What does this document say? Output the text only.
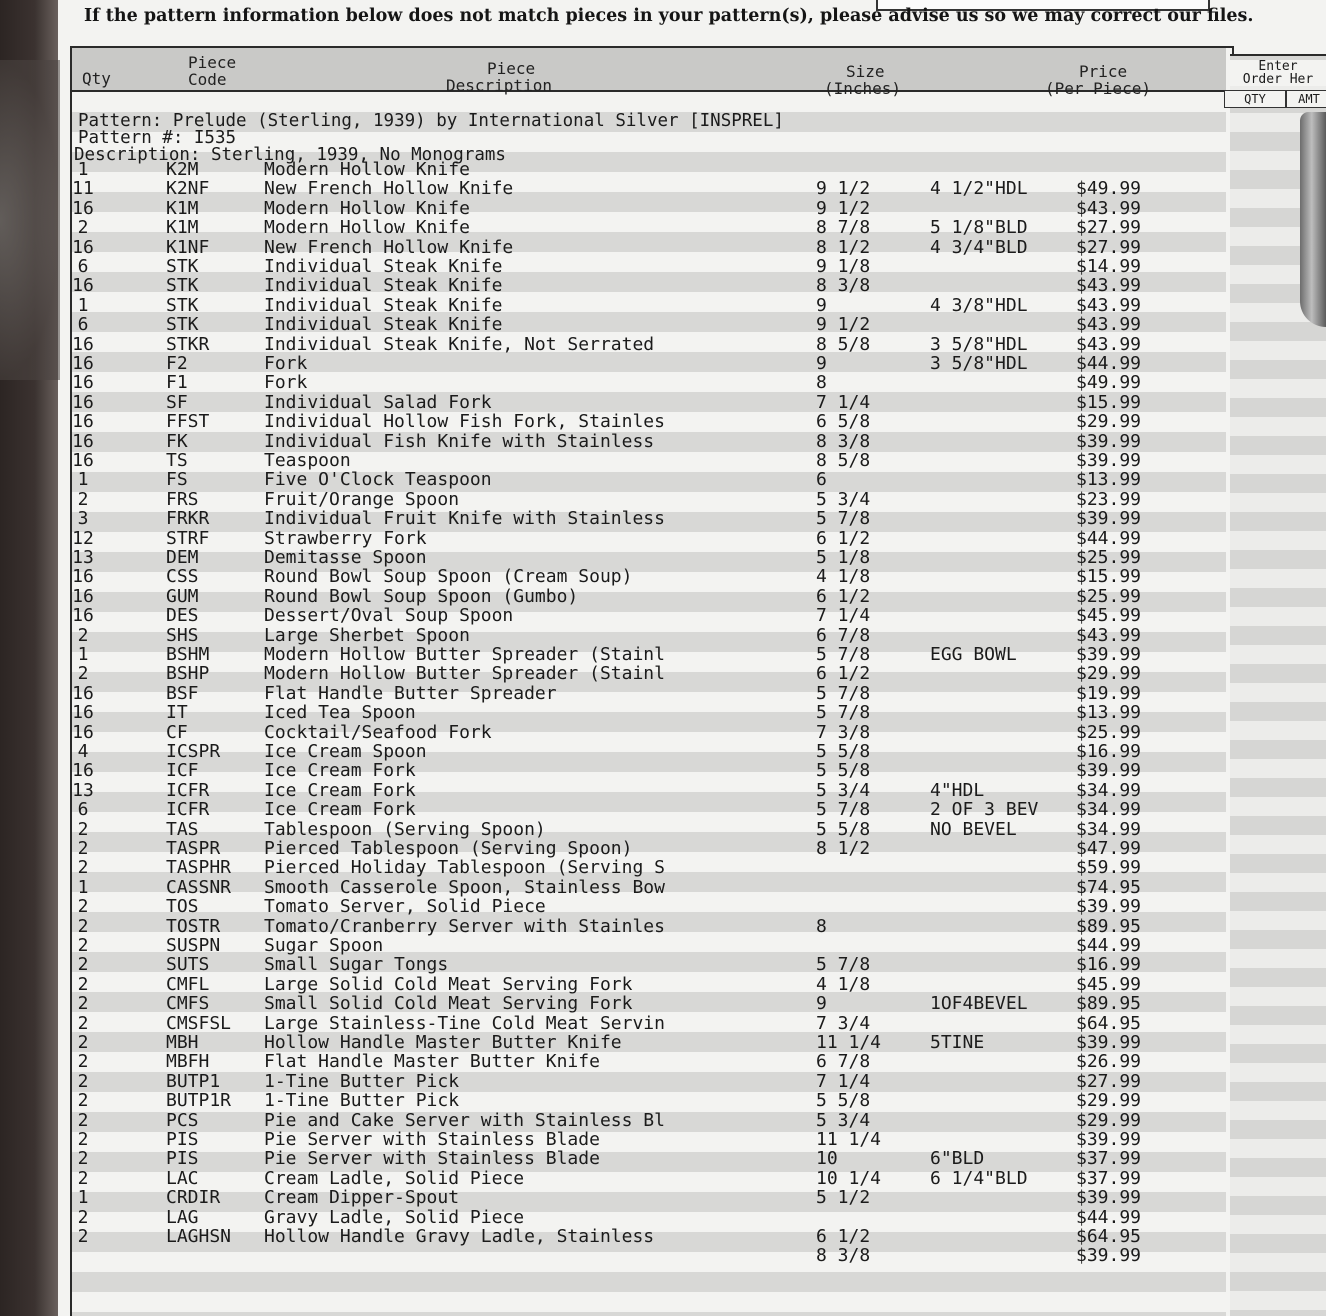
If the pattern information below does not match pieces in your pattern(s), please advise us so we may correct our files.
Qty
Piece
Code
Piece
Description
Size
(Inches)
Price
(Per Piece)
Enter
Order Her
QTY	AMT
Pattern: Prelude (Sterling, 1939) by International Silver [INSPREL]
Pattern #: I535
Description: Sterling, 1939, No Monograms
1	K2M	Modern Hollow Knife
11	K2NF	New French Hollow Knife	9 1/2	4 1/2"HDL	$49.99
16	K1M	Modern Hollow Knife	9 1/2	$43.99
2	K1M	Modern Hollow Knife	8 7/8	5 1/8"BLD	$27.99
16	K1NF	New French Hollow Knife	8 1/2	4 3/4"BLD	$27.99
6	STK	Individual Steak Knife	9 1/8	$14.99
16	STK	Individual Steak Knife	8 3/8	$43.99
1	STK	Individual Steak Knife	9	4 3/8"HDL	$43.99
6	STK	Individual Steak Knife	9 1/2	$43.99
16	STKR	Individual Steak Knife, Not Serrated	8 5/8	3 5/8"HDL	$43.99
16	F2	Fork	9	3 5/8"HDL	$44.99
16	F1	Fork	8	$49.99
16	SF	Individual Salad Fork	7 1/4	$15.99
16	FFST	Individual Hollow Fish Fork, Stainles	6 5/8	$29.99
16	FK	Individual Fish Knife with Stainless	8 3/8	$39.99
16	TS	Teaspoon	8 5/8	$39.99
1	FS	Five O'Clock Teaspoon	6	$13.99
2	FRS	Fruit/Orange Spoon	5 3/4	$23.99
3	FRKR	Individual Fruit Knife with Stainless	5 7/8	$39.99
12	STRF	Strawberry Fork	6 1/2	$44.99
13	DEM	Demitasse Spoon	5 1/8	$25.99
16	CSS	Round Bowl Soup Spoon (Cream Soup)	4 1/8	$15.99
16	GUM	Round Bowl Soup Spoon (Gumbo)	6 1/2	$25.99
16	DES	Dessert/Oval Soup Spoon	7 1/4	$45.99
2	SHS	Large Sherbet Spoon	6 7/8	$43.99
1	BSHM	Modern Hollow Butter Spreader (Stainl	5 7/8	EGG BOWL	$39.99
2	BSHP	Modern Hollow Butter Spreader (Stainl	6 1/2	$29.99
16	BSF	Flat Handle Butter Spreader	5 7/8	$19.99
16	IT	Iced Tea Spoon	5 7/8	$13.99
16	CF	Cocktail/Seafood Fork	7 3/8	$25.99
4	ICSPR Ice Cream Spoon	5 5/8	$16.99
16	ICF	Ice Cream Fork	5 5/8	$39.99
13	ICFR	Ice Cream Fork	5 3/4	4"HDL	$34.99
6	ICFR	Ice Cream Fork	5 7/8	2 OF 3 BEV $34.99
2	TAS	Tablespoon (Serving Spoon)	5 5/8	NO BEVEL	$34.99
2	TASPR Pierced Tablespoon (Serving Spoon)	8 1/2	$47.99
2	TASPHR Pierced Holiday Tablespoon (Serving S	$59.99
1	CASSNR Smooth Casserole Spoon, Stainless Bow	$74.95
2	TOS	Tomato Server, Solid Piece	$39.99
2	TOSTR Tomato/Cranberry Server with Stainles	8	$89.95
2	SUSPN Sugar Spoon	$44.99
2	SUTS	Small Sugar Tongs	5 7/8	$16.99
2	CMFL	Large Solid Cold Meat Serving Fork	4 1/8	$45.99
2	CMFS	Small Solid Cold Meat Serving Fork	9	1OF4BEVEL	$89.95
2	CMSFSL Large Stainless-Tine Cold Meat Servin	7 3/4	$64.95
2	MBH	Hollow Handle Master Butter Knife	11 1/4	5TINE	$39.99
2	MBFH	Flat Handle Master Butter Knife	6 7/8	$26.99
2	BUTP1 1-Tine Butter Pick	7 1/4	$27.99
2	BUTP1R 1-Tine Butter Pick	5 5/8	$29.99
2	PCS	Pie and Cake Server with Stainless Bl	5 3/4	$29.99
2	PIS	Pie Server with Stainless Blade	11 1/4	$39.99
2	PIS	Pie Server with Stainless Blade	10	6"BLD	$37.99
2	LAC	Cream Ladle, Solid Piece	10 1/4	6 1/4"BLD	$37.99
1	CRDIR Cream Dipper-Spout	5 1/2	$39.99
2	LAG	Gravy Ladle, Solid Piece	$44.99
2	LAGHSN Hollow Handle Gravy Ladle, Stainless	6 1/2	$64.95
8 3/8	$39.99
